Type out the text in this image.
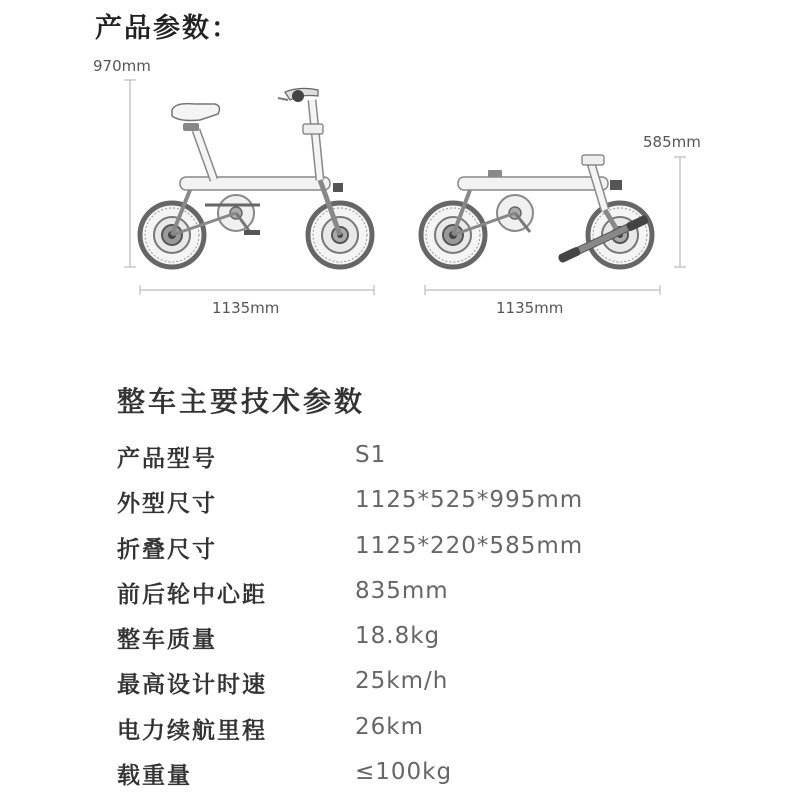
产品参数：
970mm
585mm
1135mm	1135mm
整车主要技术参数
产品型号	S1
外型尺寸	1125*525*995mm
折叠尺寸	1125*220*585mm
前后轮中心距	835mm
整车质量	18.8kg
最高设计时速	25km/h
电力续航里程	26km
载重量	≤100kg
